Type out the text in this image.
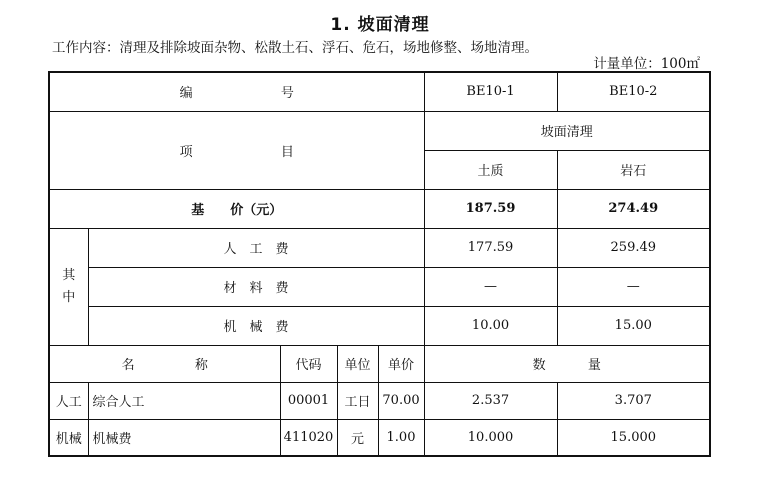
1. 坡面清理
工作内容：清理及排除坡面杂物、松散土石、浮石、危石，场地修整、场地清理。
计量单位：100㎡
编 号					BE10-1	BE10-2
项 目					坡面清理	
					土质	岩石
基　　价（元）					187.59	274.49
其
中	人　工　费				177.59	259.49
	材　料　费				—	—
	机　械　费				10.00	15.00
名 称		代码	单位	单价	数 量	
人工	综合人工	00001	工日	70.00	2.537	3.707
机械	机械费	411020	元	1.00	10.000	15.000
